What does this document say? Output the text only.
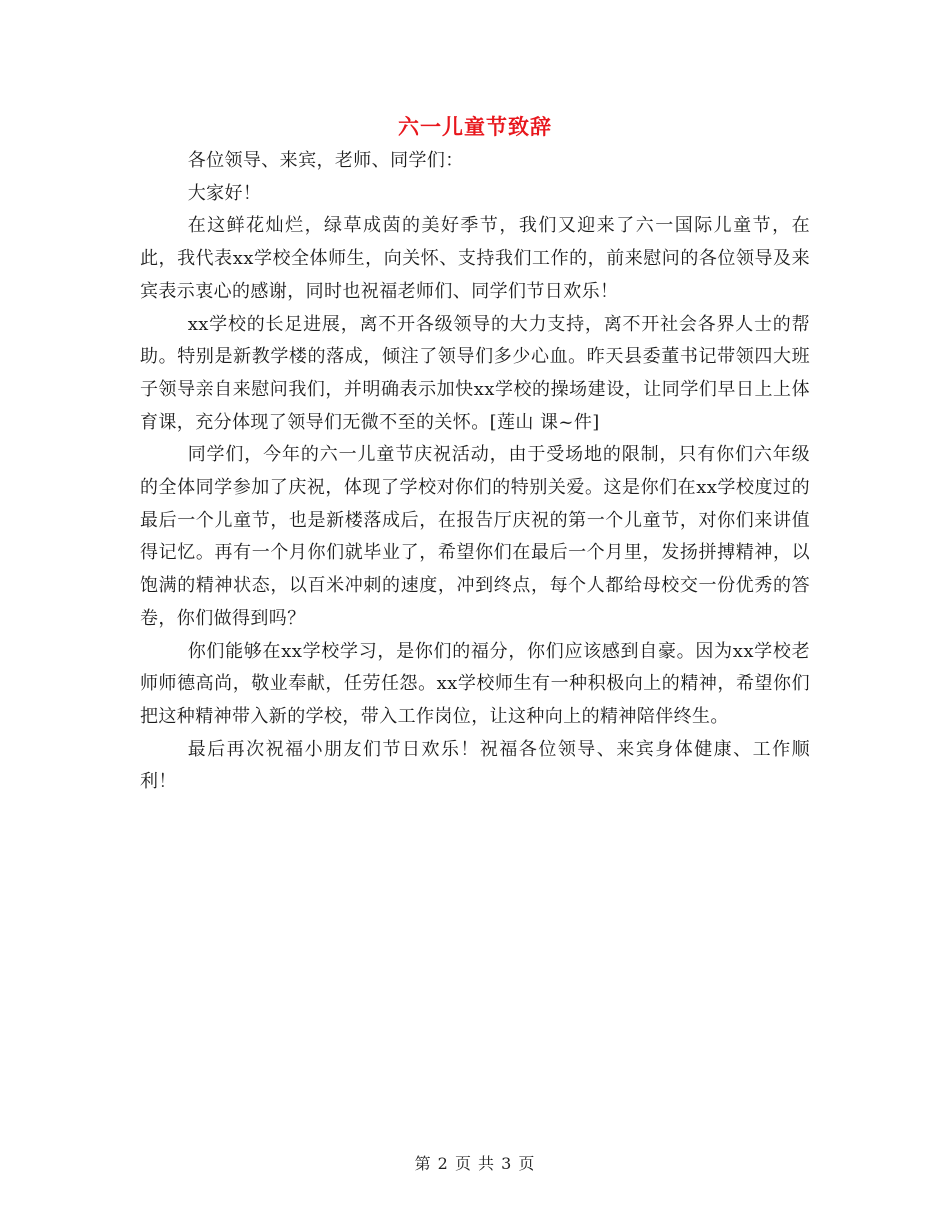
六一儿童节致辞

各位领导、来宾，老师、同学们：

大家好！

在这鲜花灿烂，绿草成茵的美好季节，我们又迎来了六一国际儿童节，在此，我代表xx学校全体师生，向关怀、支持我们工作的，前来慰问的各位领导及来宾表示衷心的感谢，同时也祝福老师们、同学们节日欢乐！

xx学校的长足进展，离不开各级领导的大力支持，离不开社会各界人士的帮助。特别是新教学楼的落成，倾注了领导们多少心血。昨天县委董书记带领四大班子领导亲自来慰问我们，并明确表示加快xx学校的操场建设，让同学们早日上上体育课，充分体现了领导们无微不至的关怀。[莲山 课~件]

同学们，今年的六一儿童节庆祝活动，由于受场地的限制，只有你们六年级的全体同学参加了庆祝，体现了学校对你们的特别关爱。这是你们在xx学校度过的最后一个儿童节，也是新楼落成后，在报告厅庆祝的第一个儿童节，对你们来讲值得记忆。再有一个月你们就毕业了，希望你们在最后一个月里，发扬拼搏精神，以饱满的精神状态，以百米冲刺的速度，冲到终点，每个人都给母校交一份优秀的答卷，你们做得到吗？

你们能够在xx学校学习，是你们的福分，你们应该感到自豪。因为xx学校老师师德高尚，敬业奉献，任劳任怨。xx学校师生有一种积极向上的精神，希望你们把这种精神带入新的学校，带入工作岗位，让这种向上的精神陪伴终生。

最后再次祝福小朋友们节日欢乐！祝福各位领导、来宾身体健康、工作顺利！

第 2 页 共 3 页
